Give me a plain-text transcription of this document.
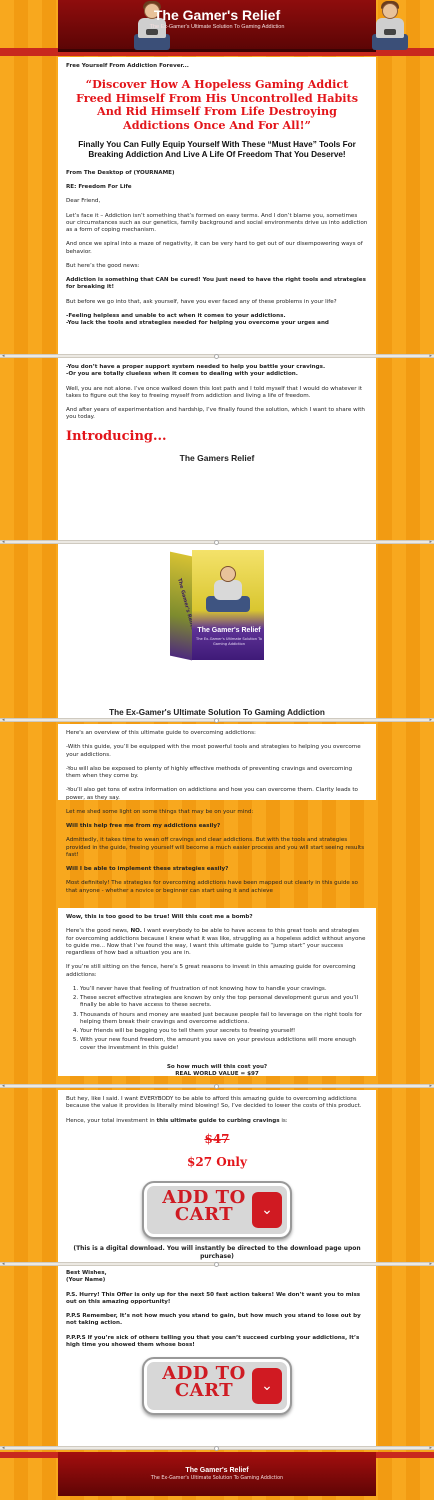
The Gamer's Relief
The Ex-Gamer's Ultimate Solution To Gaming Addiction
Free Yourself From Addiction Forever...
“Discover How A Hopeless Gaming Addict Freed Himself From His Uncontrolled Habits And Rid Himself From Life Destroying Addictions Once And For All!”
Finally You Can Fully Equip Yourself With These “Must Have” Tools For Breaking Addiction And Live A Life Of Freedom That You Deserve!

From The Desktop of (YOURNAME)

RE: Freedom For Life

Dear Friend,

Let’s face it – Addiction isn’t something that’s formed on easy terms. And I don’t blame you, sometimes our circumstances such as our genetics, family background and social environments drive us into addiction as a form of coping mechanism.

And once we spiral into a maze of negativity, it can be very hard to get out of our disempowering ways of behavior.

But here’s the good news:

Addiction is something that CAN be cured! You just need to have the right tools and strategies for breaking it!

But before we go into that, ask yourself, have you ever faced any of these problems in your life?

-Feeling helpless and unable to act when it comes to your addictions.
-You lack the tools and strategies needed for helping you overcome your urges and
◂	▸
-You don’t have a proper support system needed to help you battle your cravings.
-Or you are totally clueless when it comes to dealing with your addiction.

Well, you are not alone. I’ve once walked down this lost path and I told myself that I would do whatever it takes to figure out the key to freeing myself from addiction and living a life of freedom.

And after years of experimentation and hardship, I’ve finally found the solution, which I want to share with you today.

Introducing...
The Gamers Relief
◂	▸
The
The Gamer's Relief
The Ex-Gamer's Ultimate Solution To Gaming Addiction
The Ex-Gamer's Ultimate Solution To Gaming Addiction
◂	▸

Here's an overview of this ultimate guide to overcoming addictions:

-With this guide, you’ll be equipped with the most powerful tools and strategies to helping you overcome your addictions.

-You will also be exposed to plenty of highly effective methods of preventing cravings and overcoming them when they come by.

-You’ll also get tons of extra information on addictions and how you can overcome them. Clarity leads to power, as they say.

Let me shed some light on some things that may be on your mind:

Will this help free me from my addictions easily?

Admittedly, it takes time to wean off cravings and clear addictions. But with the tools and strategies provided in the guide, freeing yourself will become a much easier process and you will start seeing results fast!

Will I be able to implement these strategies easily?

Most definitely! The strategies for overcoming addictions have been mapped out clearly in this guide so that anyone - whether a novice or beginner can start using it and achieve

Wow, this is too good to be true! Will this cost me a bomb?

Here’s the good news, NO. I want everybody to be able to have access to this great tools and strategies for overcoming addictions because I knew what it was like, struggling as a hopeless addict without anyone to guide me... Now that I’ve found the way, I want this ultimate guide to “jump start” your success regardless of how bad a situation you are in.

If you’re still sitting on the fence, here’s 5 great reasons to invest in this amazing guide for overcoming addictions:

1. You’ll never have that feeling of frustration of not knowing how to handle your cravings.
2. These secret effective strategies are known by only the top personal development gurus and you’ll finally be able to have access to these secrets.
3. Thousands of hours and money are wasted just because people fail to leverage on the right tools for helping them break their cravings and overcome addictions.
4. Your friends will be begging you to tell them your secrets to freeing yourself!
5. With your new found freedom, the amount you save on your previous addictions will more enough cover the investment in this guide!
So how much will this cost you?
REAL WORLD VALUE = $97
◂	▸

But hey, like I said. I want EVERYBODY to be able to afford this amazing guide to overcoming addictions because the value it provides is literally mind blowing! So, I’ve decided to lower the costs of this product.

Hence, your total investment in this ultimate guide to curbing cravings is:

$47
$27 Only
ADD TO CART	⌄
(This is a digital download. You will instantly be directed to the download page upon purchase)
◂	▸
Best Wishes,

(Your Name)

P.S. Hurry! This Offer is only up for the next 50 fast action takers! We don’t want you to miss out on this amazing opportunity!

P.P.S Remember, It’s not how much you stand to gain, but how much you stand to lose out by not taking action.

P.P.P.S If you’re sick of others telling you that you can’t succeed curbing your addictions, It’s high time you showed them whose boss!

ADD TO CART	⌄
◂	▸
The Gamer's Relief
The Ex-Gamer's Ultimate Solution To Gaming Addiction
